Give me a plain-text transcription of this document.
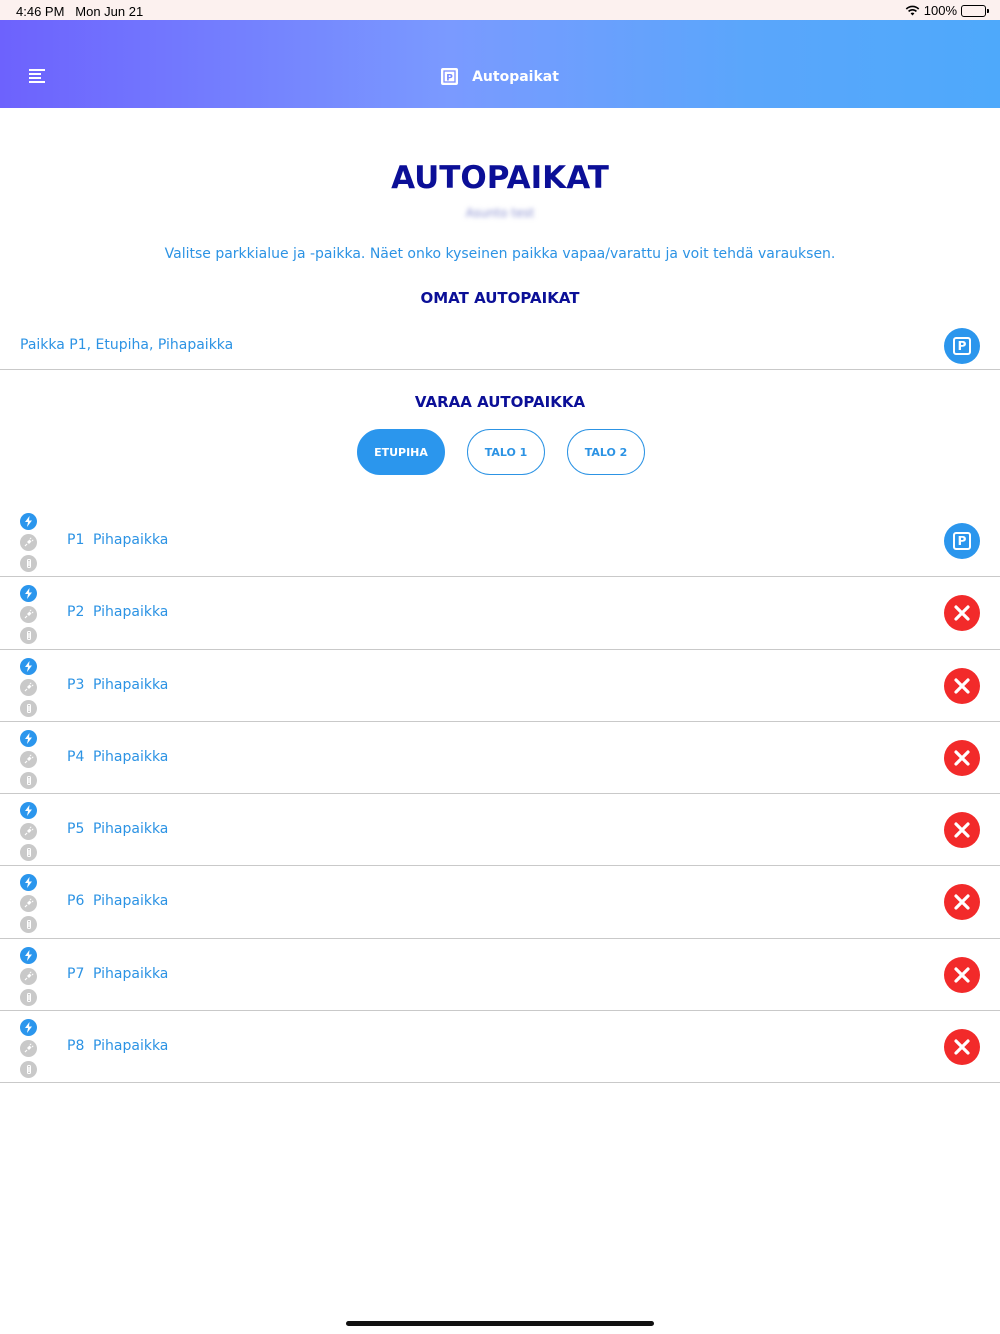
4:46 PM Mon Jun 21	100%
P Autopaikat
AUTOPAIKAT
Asunto test
Valitse parkkialue ja -paikka. Näet onko kyseinen paikka vapaa/varattu ja voit tehdä varauksen.
OMAT AUTOPAIKAT
Paikka P1, Etupiha, Pihapaikka	P
VARAA AUTOPAIKKA
ETUPIHA	TALO 1	TALO 2
P1 Pihapaikka	P
P2 Pihapaikka
P3 Pihapaikka
P4 Pihapaikka
P5 Pihapaikka
P6 Pihapaikka
P7 Pihapaikka
P8 Pihapaikka
